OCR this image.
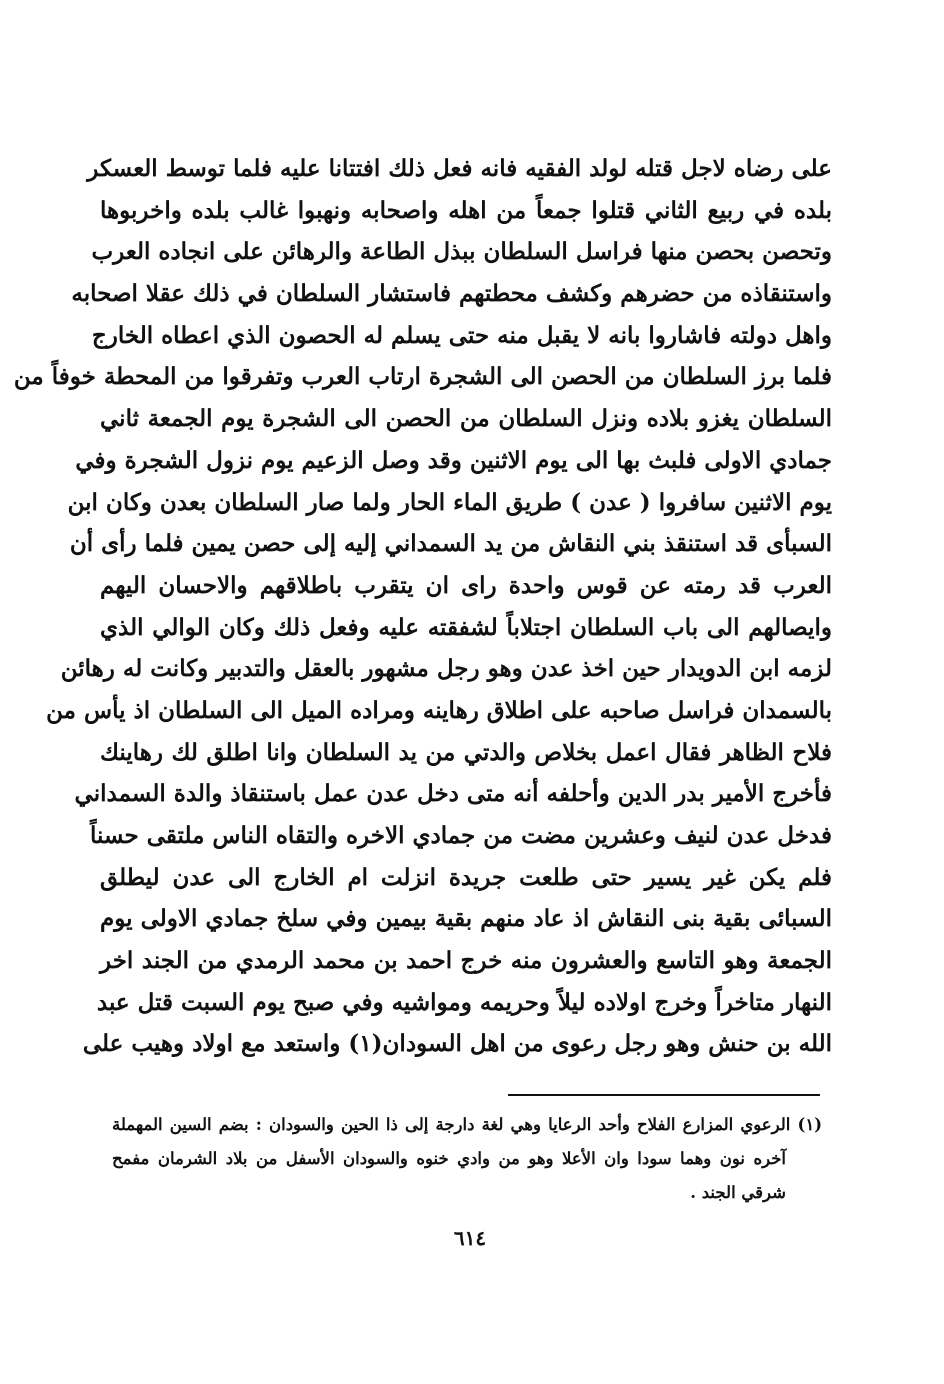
على رضاه لاجل قتله لولد الفقيه فانه فعل ذلك افتتانا عليه فلما توسط العسكر
بلده في ربيع الثاني قتلوا جمعاً من اهله واصحابه ونهبوا غالب بلده واخربوها
وتحصن بحصن منها فراسل السلطان ببذل الطاعة والرهائن على انجاده العرب
واستنقاذه من حضرهم وكشف محطتهم فاستشار السلطان في ذلك عقلا اصحابه
واهل دولته فاشاروا بانه لا يقبل منه حتى يسلم له الحصون الذي اعطاه الخارج
فلما برز السلطان من الحصن الى الشجرة ارتاب العرب وتفرقوا من المحطة خوفاً من
السلطان يغزو بلاده ونزل السلطان من الحصن الى الشجرة يوم الجمعة ثاني
جمادي الاولى فلبث بها الى يوم الاثنين وقد وصل الزعيم يوم نزول الشجرة وفي
يوم الاثنين سافروا ( عدن ) طريق الماء الحار ولما صار السلطان بعدن وكان ابن
السبأى قد استنقذ بني النقاش من يد السمداني إليه إلى حصن يمين فلما رأى أن
العرب قد رمته عن قوس واحدة راى ان يتقرب باطلاقهم والاحسان اليهم
وايصالهم الى باب السلطان اجتلاباً لشفقته عليه وفعل ذلك وكان الوالي الذي
لزمه ابن الدويدار حين اخذ عدن وهو رجل مشهور بالعقل والتدبير وكانت له رهائن
بالسمدان فراسل صاحبه على اطلاق رهاينه ومراده الميل الى السلطان اذ يأس من
فلاح الظاهر فقال اعمل بخلاص والدتي من يد السلطان وانا اطلق لك رهاينك
فأخرج الأمير بدر الدين وأحلفه أنه متى دخل عدن عمل باستنقاذ والدة السمداني
فدخل عدن لنيف وعشرين مضت من جمادي الاخره والتقاه الناس ملتقى حسناً
فلم يكن غير يسير حتى طلعت جريدة انزلت ام الخارج الى عدن ليطلق
السبائى بقية بنى النقاش اذ عاد منهم بقية بيمين وفي سلخ جمادي الاولى يوم
الجمعة وهو التاسع والعشرون منه خرج احمد بن محمد الرمدي من الجند اخر
النهار متاخراً وخرج اولاده ليلاً وحريمه ومواشيه وفي صبح يوم السبت قتل عبد
الله بن حنش وهو رجل رعوى من اهل السودان(١) واستعد مع اولاد وهيب على
(١) الرعوي المزارع الفلاح وأحد الرعايا وهي لغة دارجة إلى ذا الحين والسودان : بضم السين المهملة
آخره نون وهما سودا وان الأعلا وهو من وادي خنوه والسودان الأسفل من بلاد الشرمان مفمح
شرقي الجند .
٦١٤
